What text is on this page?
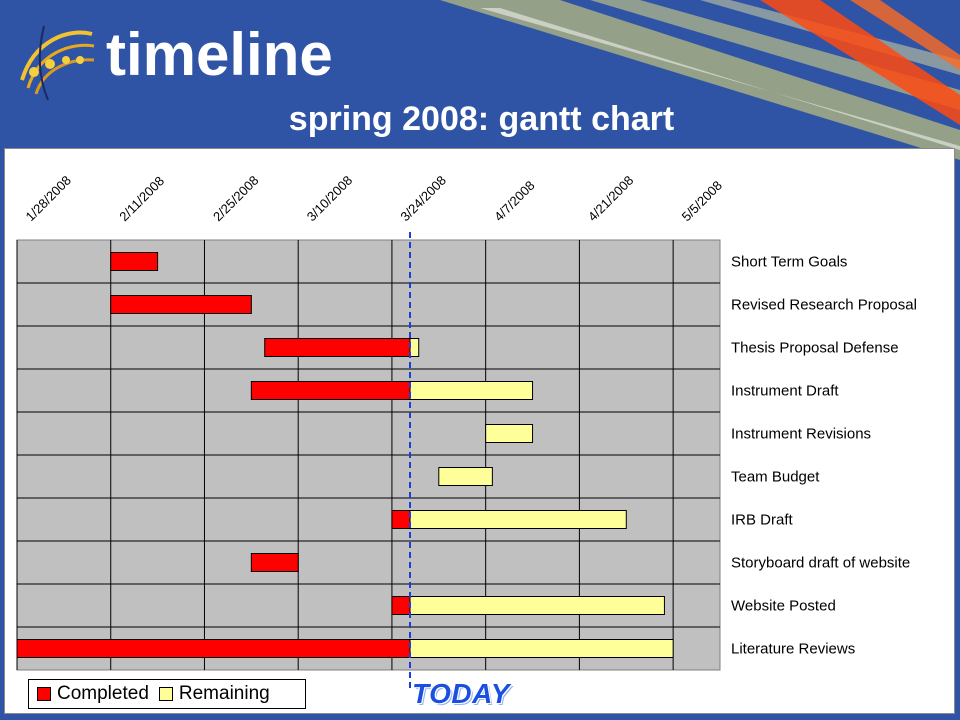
timeline
spring 2008: gantt chart
1/28/2008	2/11/2008	2/25/2008	3/10/2008	3/24/2008	4/7/2008	4/21/2008	5/5/2008
Short Term Goals
Revised Research Proposal
Thesis Proposal Defense
Instrument Draft
Instrument Revisions
Team Budget
IRB Draft
Storyboard draft of website
Website Posted
Literature Reviews
Completed Remaining	TODAY
